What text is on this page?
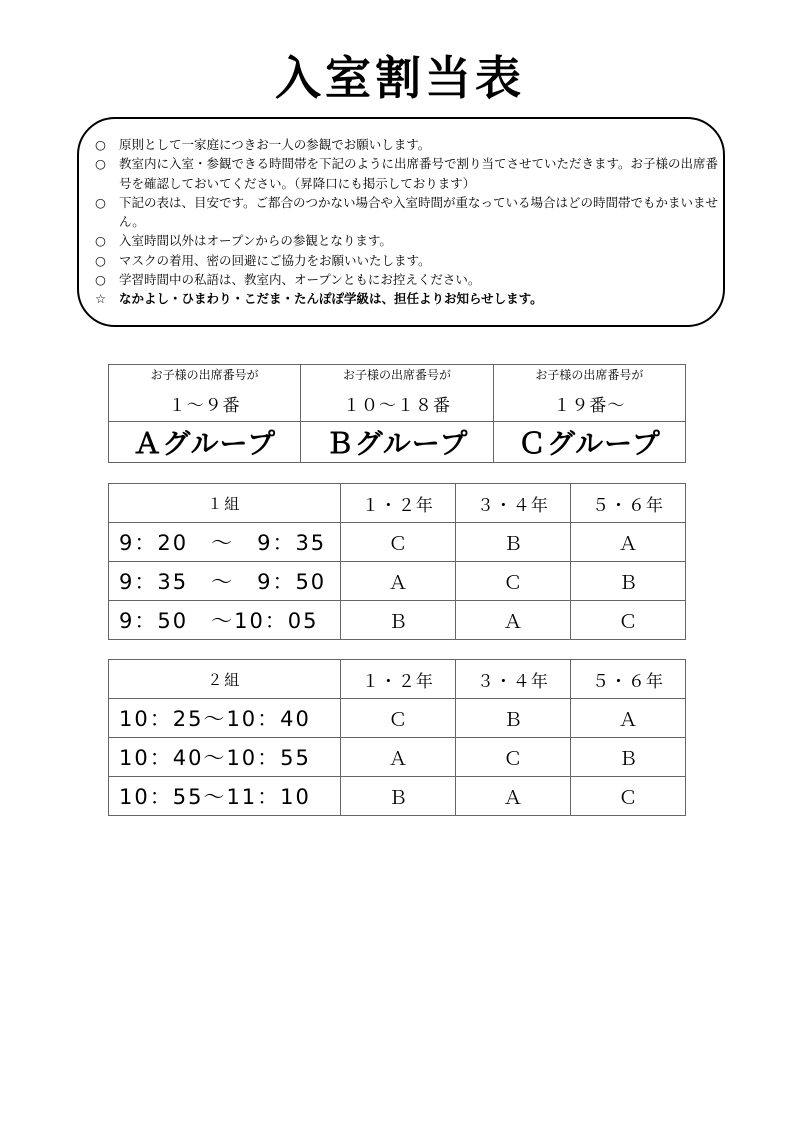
入室割当表
○	原則として一家庭につきお一人の参観でお願いします。
○	教室内に入室・参観できる時間帯を下記のように出席番号で割り当てさせていただきます。お子様の出席番号を確認しておいてください。（昇降口にも掲示しております）
○	下記の表は、目安です。ご都合のつかない場合や入室時間が重なっている場合はどの時間帯でもかまいません。
○	入室時間以外はオープンからの参観となります。
○	マスクの着用、密の回避にご協力をお願いいたします。
○	学習時間中の私語は、教室内、オープンともにお控えください。
☆	なかよし・ひまわり・こだま・たんぽぽ学級は、担任よりお知らせします。
お子様の出席番号が	お子様の出席番号が	お子様の出席番号が
１～９番	１０～１８番	１９番～
Ａグループ	Ｂグループ	Ｃグループ
１組	１・２年	３・４年	５・６年
9：20　～　9：35	Ｃ	Ｂ	Ａ
9：35　～　9：50	Ａ	Ｃ	Ｂ
9：50　～10：05	Ｂ	Ａ	Ｃ
２組	１・２年	３・４年	５・６年
10：25～10：40	Ｃ	Ｂ	Ａ
10：40～10：55	Ａ	Ｃ	Ｂ
10：55～11：10	Ｂ	Ａ	Ｃ
